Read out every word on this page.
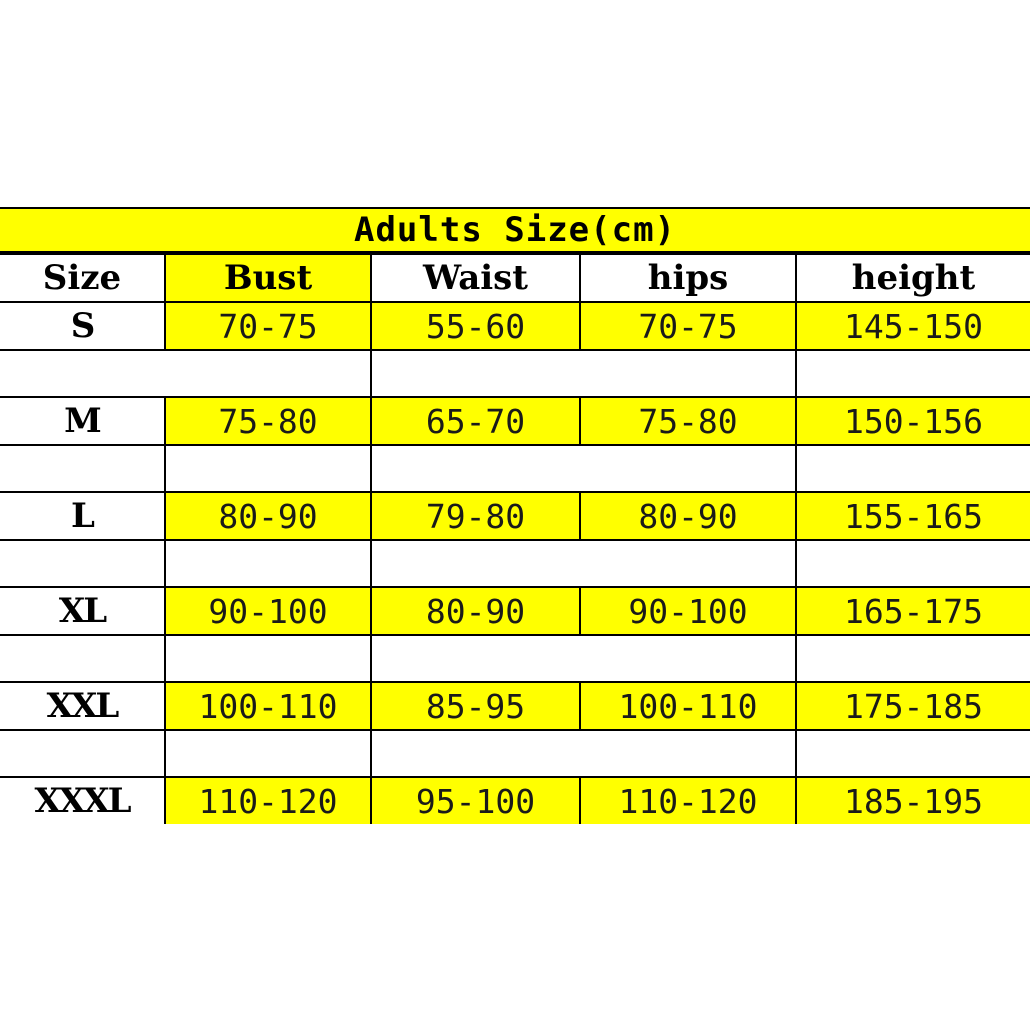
Adults Size(cm)
Size	Bust	Waist	hips	height
S	70-75	55-60	70-75	145-150

M	75-80	65-70	75-80	150-156

L	80-90	79-80	80-90	155-165

XL	90-100	80-90	90-100	165-175

XXL	100-110	85-95	100-110	175-185

XXXL	110-120	95-100	110-120	185-195
